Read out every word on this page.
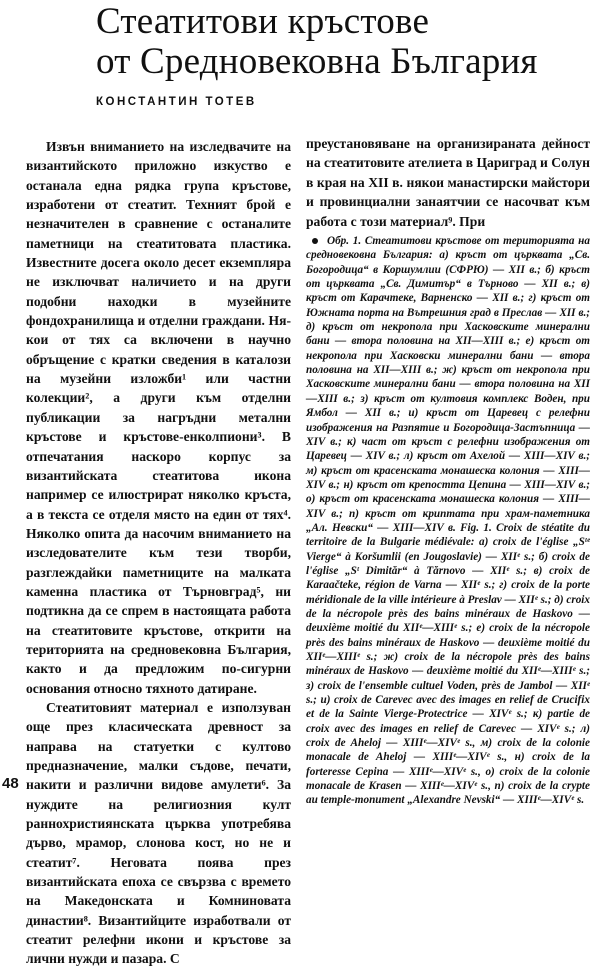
Стеатитови кръстове
от Средновековна България
КОНСТАНТИН ТОТЕВ

Извън вниманието на изследвачите на византийското приложно изкуство е останала една рядка група кръстове, изработени от стеатит. Техният брой е незначителен в сравнение с останалите паметници на стеатитовата пластика. Известните досега около десет екземпляра не изключват наличието и на други подобни находки в музейните фондохранилища и отделни граждани. Някои от тях са включени в научно обръщение с кратки сведения в каталози на музейни изложби¹ или частни колекции², а други към отделни публикации за нагръдни метални кръстове и кръстове-енколпиони³. В отпечатания наскоро корпус за византийската стеатитова икона например се илюстрират няколко кръста, а в текста се отделя място на един от тях⁴. Няколко опита да насочим вниманието на изследователите към тези творби, разглеждайки паметниците на малката каменна пластика от Търновград⁵, ни подтикна да се спрем в настоящата работа на стеатитовите кръстове, открити на територията на средновековна България, както и да предложим по-сигурни основания относно тяхното датиране.

Стеатитовият материал е използуван още през класическата древност за направа на статуетки с култово предназначение, малки съдове, печати, накити и различни видове амулети⁶. За нуждите на религиозния култ раннохристиянската църква употребява дърво, мрамор, слонова кост, но не и стеатит⁷. Неговата поява през византийската епоха се свързва с времето на Македонската и Комниновата династии⁸. Византийците изработвали от стеатит релефни икони и кръстове за лични нужди и пазара. С

преустановяване на организираната дейност на стеатитовите ателиета в Цариград и Солун в края на XII в. някои манастирски майстори и провинциални занаятчии се насочват към работа с този материал⁹. При

Обр. 1. Стеатитови кръстове от територията на средновековна България: а) кръст от църквата „Св. Богородица“ в Коршумлии (СФРЮ) — XII в.; б) кръст от църквата „Св. Димитър“ в Търново — XII в.; в) кръст от Карачтеке, Варненско — XII в.; г) кръст от Южната порта на Вътрешния град в Преслав — XII в.; д) кръст от некропола при Хасковските минерални бани — втора половина на XII—XIII в.; е) кръст от некропола при Хасковски минерални бани — втора половина на XII—XIII в.; ж) кръст от некропола при Хасковските минерални бани — втора половина на XII—XIII в.; з) кръст от култовия комплекс Воден, при Ямбол — XII в.; и) кръст от Царевец с релефни изображения на Разпятие и Богородица-Застъпница — XIV в.; к) част от кръст с релефни изображения от Царевец — XIV в.; л) кръст от Ахелой — XIII—XIV в.; м) кръст от красенската монашеска колония — XIII—XIV в.; н) кръст от крепостта Цепина — XIII—XIV в.; о) кръст от красенската монашеска колония — XIII—XIV в.; п) кръст от криптата при храм-паметника „Ал. Невски“ — XIII—XIV в. Fig. 1. Croix de stéatite du territoire de la Bulgarie médiévale: а) croix de l'église „Sᵗᵉ Vierge“ à Koršumlii (en Jougoslavie) — XIIᵉ s.; б) croix de l'église „Sᵗ Dimităr“ à Tărnovo — XIIᵉ s.; в) croix de Karaačteke, région de Varna — XIIᵉ s.; г) croix de la porte méridionale de la ville intérieure à Preslav — XIIᵉ s.; д) croix de la nécropole près des bains minéraux de Haskovo — deuxième moitié du XIIᵉ—XIIIᵉ s.; е) croix de la nécropole près des bains minéraux de Haskovo — deuxième moitié du XIIᵉ—XIIIᵉ s.; ж) croix de la nécropole près des bains minéraux de Haskovo — deuxième moitié du XIIᵉ—XIIIᵉ s.; з) croix de l'ensemble cultuel Voden, près de Jambol — XIIᵉ s.; и) croix de Carevec avec des images en relief de Crucifix et de la Sainte Vierge-Protectrice — XIVᵉ s.; к) partie de croix avec des images en relief de Carevec — XIVᵉ s.; л) croix de Aheloj — XIIIᵉ—XIVᵉ s., м) croix de la colonie monacale de Aheloj — XIIIᵉ—XIVᵉ s., н) croix de la forteresse Cepina — XIIIᵉ—XIVᵉ s., о) croix de la colonie monacale de Krasen — XIIIᵉ—XIVᵉ s., п) croix de la crypte au temple-monument „Alexandre Nevski“ — XIIIᵉ—XIVᵉ s.

48
